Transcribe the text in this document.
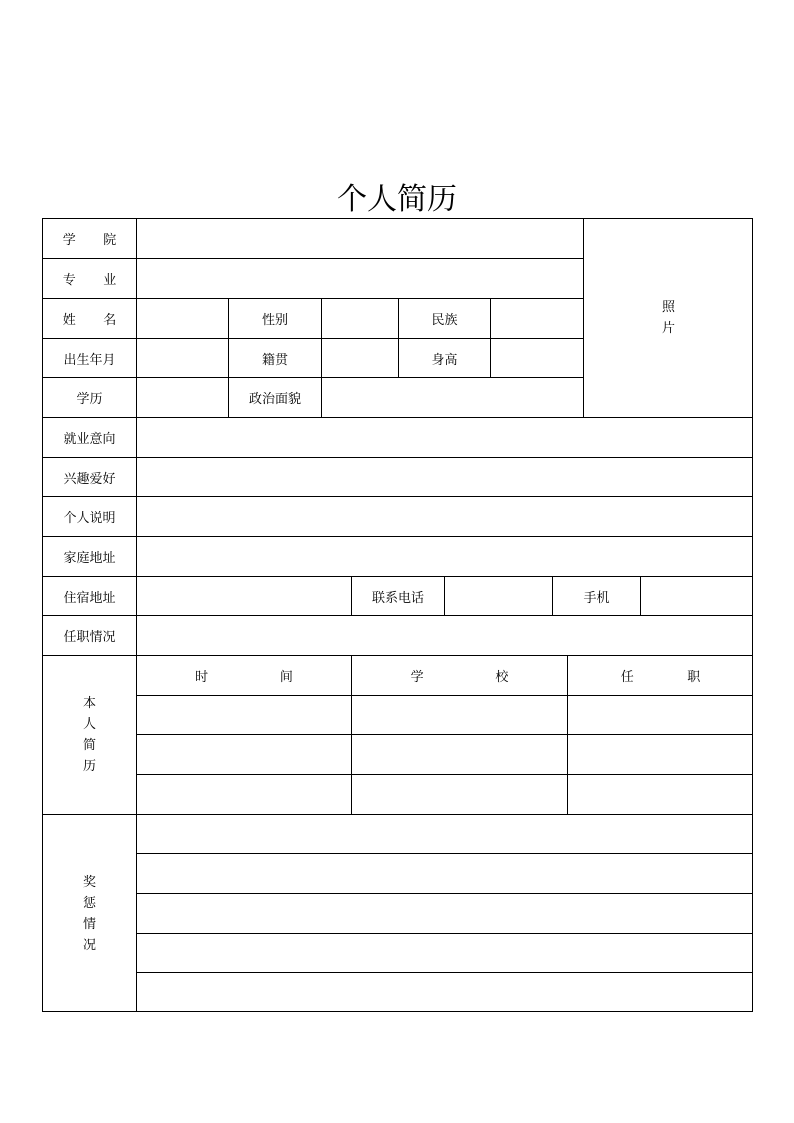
个人简历
学 院
照
片
专 业
姓 名	性别	民族
出生年月	籍贯	身高
学历	政治面貌
就业意向
兴趣爱好
个人说明
家庭地址
住宿地址	联系电话	手机
任职情况
本
人
简
历
时 间	学 校	任 职
奖
惩
情
况
